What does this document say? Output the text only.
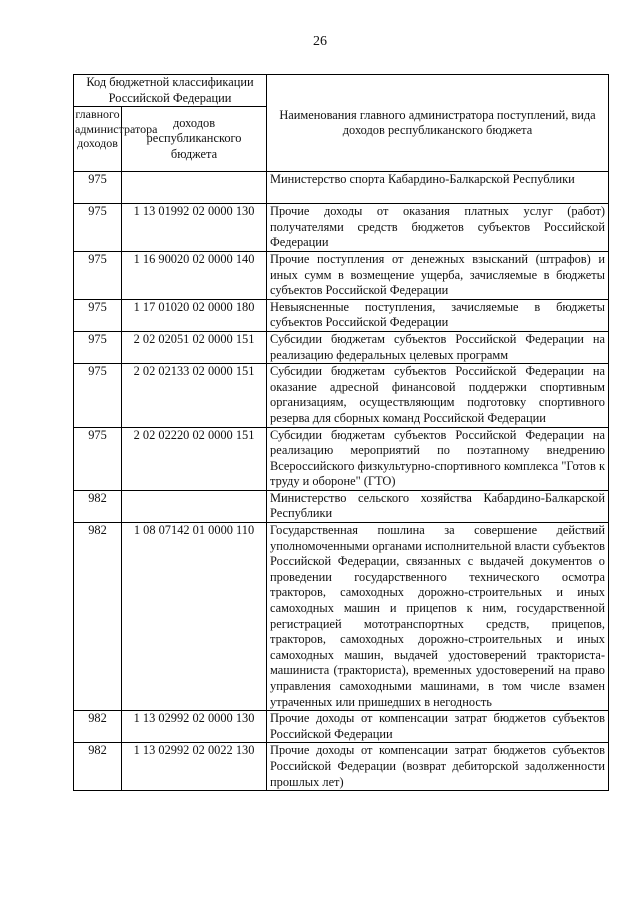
26
Код бюджетной классификации Российской Федерации		Наименования главного администратора поступлений, вида доходов республиканского бюджета
главного администратора доходов	доходов республиканского бюджета	
975		Министерство спорта Кабардино-Балкарской Республики
975	1 13 01992 02 0000 130	Прочие доходы от оказания платных услуг (работ) получателями средств бюджетов субъектов Российской Федерации
975	1 16 90020 02 0000 140	Прочие поступления от денежных взысканий (штрафов) и иных сумм в возмещение ущерба, зачисляемые в бюджеты субъектов Российской Федерации
975	1 17 01020 02 0000 180	Невыясненные поступления, зачисляемые в бюджеты субъектов Российской Федерации
975	2 02 02051 02 0000 151	Субсидии бюджетам субъектов Российской Федерации на реализацию федеральных целевых программ
975	2 02 02133 02 0000 151	Субсидии бюджетам субъектов Российской Федерации на оказание адресной финансовой поддержки спортивным организациям, осуществляющим подготовку спортивного резерва для сборных команд Российской Федерации
975	2 02 02220 02 0000 151	Субсидии бюджетам субъектов Российской Федерации на реализацию мероприятий по поэтапному внедрению Всероссийского физкультурно-спортивного комплекса "Готов к труду и обороне" (ГТО)
982		Министерство сельского хозяйства Кабардино-Балкарской Республики
982	1 08 07142 01 0000 110	Государственная пошлина за совершение действий уполномоченными органами исполнительной власти субъектов Российской Федерации, связанных с выдачей документов о проведении государственного технического осмотра тракторов, самоходных дорожно-строительных и иных самоходных машин и прицепов к ним, государственной регистрацией мототранспортных средств, прицепов, тракторов, самоходных дорожно-строительных и иных самоходных машин, выдачей удостоверений тракториста-машиниста (тракториста), временных удостоверений на право управления самоходными машинами, в том числе взамен утраченных или пришедших в негодность
982	1 13 02992 02 0000 130	Прочие доходы от компенсации затрат бюджетов субъектов Российской Федерации
982	1 13 02992 02 0022 130	Прочие доходы от компенсации затрат бюджетов субъектов Российской Федерации (возврат дебиторской задолженности прошлых лет)
